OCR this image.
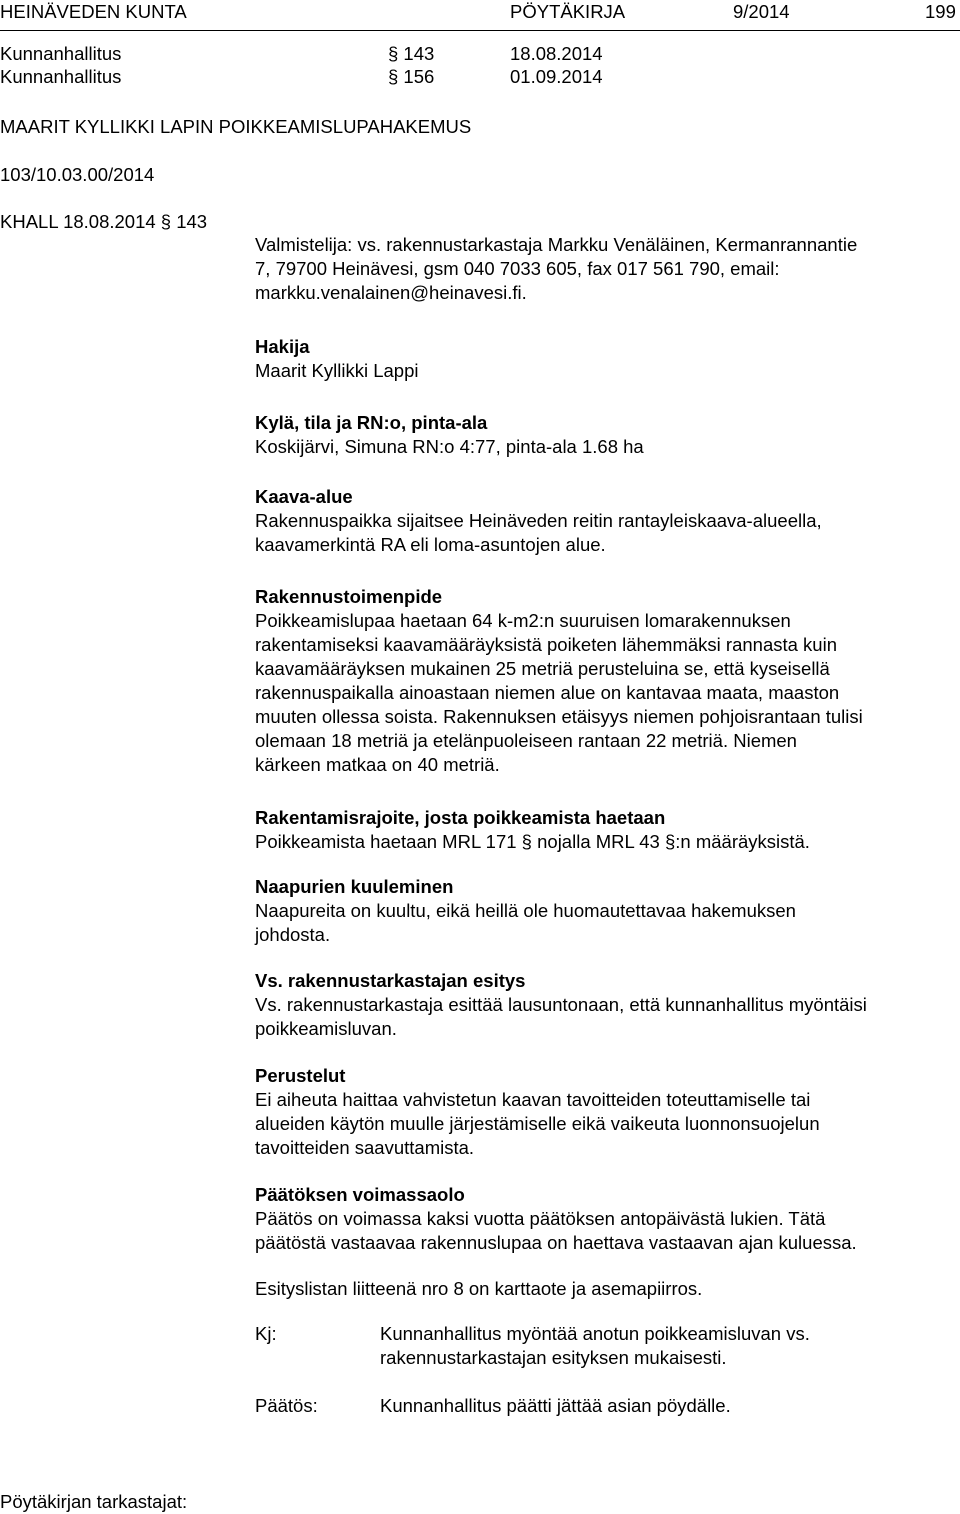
HEINÄVEDEN KUNTA	PÖYTÄKIRJA	9/2014	199
Kunnanhallitus	§ 143	18.08.2014
Kunnanhallitus	§ 156	01.09.2014
MAARIT KYLLIKKI LAPIN POIKKEAMISLUPAHAKEMUS
103/10.03.00/2014
KHALL 18.08.2014 § 143
Valmistelija: vs. rakennustarkastaja Markku Venäläinen, Kermanrannantie
7, 79700 Heinävesi, gsm 040 7033 605, fax 017 561 790, email:
markku.venalainen@heinavesi.fi.
Hakija
Maarit Kyllikki Lappi
Kylä, tila ja RN:o, pinta-ala
Koskijärvi, Simuna RN:o 4:77, pinta-ala 1.68 ha
Kaava-alue
Rakennuspaikka sijaitsee Heinäveden reitin rantayleiskaava-alueella,
kaavamerkintä RA eli loma-asuntojen alue.
Rakennustoimenpide
Poikkeamislupaa haetaan 64 k-m2:n suuruisen lomarakennuksen
rakentamiseksi kaavamääräyksistä poiketen lähemmäksi rannasta kuin
kaavamääräyksen mukainen 25 metriä perusteluina se, että kyseisellä
rakennuspaikalla ainoastaan niemen alue on kantavaa maata, maaston
muuten ollessa soista. Rakennuksen etäisyys niemen pohjoisrantaan tulisi
olemaan 18 metriä ja etelänpuoleiseen rantaan 22 metriä. Niemen
kärkeen matkaa on 40 metriä.
Rakentamisrajoite, josta poikkeamista haetaan
Poikkeamista haetaan MRL 171 § nojalla MRL 43 §:n määräyksistä.
Naapurien kuuleminen
Naapureita on kuultu, eikä heillä ole huomautettavaa hakemuksen
johdosta.
Vs. rakennustarkastajan esitys
Vs. rakennustarkastaja esittää lausuntonaan, että kunnanhallitus myöntäisi
poikkeamisluvan.
Perustelut
Ei aiheuta haittaa vahvistetun kaavan tavoitteiden toteuttamiselle tai
alueiden käytön muulle järjestämiselle eikä vaikeuta luonnonsuojelun
tavoitteiden saavuttamista.
Päätöksen voimassaolo
Päätös on voimassa kaksi vuotta päätöksen antopäivästä lukien. Tätä
päätöstä vastaavaa rakennuslupaa on haettava vastaavan ajan kuluessa.
Esityslistan liitteenä nro 8 on karttaote ja asemapiirros.
Kj:	Kunnanhallitus myöntää anotun poikkeamisluvan vs.
rakennustarkastajan esityksen mukaisesti.
Päätös:	Kunnanhallitus päätti jättää asian pöydälle.
Pöytäkirjan tarkastajat:
